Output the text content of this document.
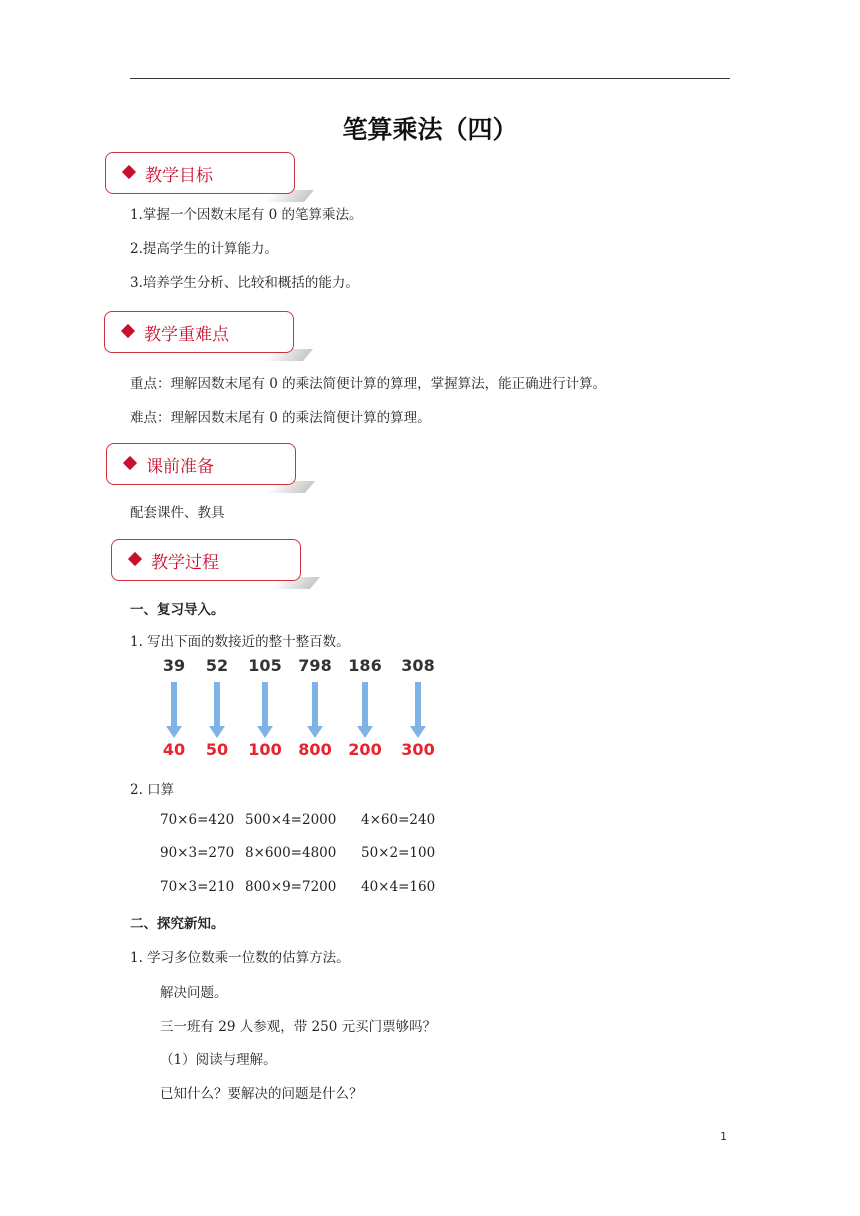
笔算乘法（四）
教学目标
1.掌握一个因数末尾有 0 的笔算乘法。
2.提高学生的计算能力。
3.培养学生分析、比较和概括的能力。
教学重难点
重点：理解因数末尾有 0 的乘法简便计算的算理，掌握算法，能正确进行计算。
难点：理解因数末尾有 0 的乘法简便计算的算理。
课前准备
配套课件、教具
教学过程
一、复习导入。
1. 写出下面的数接近的整十整百数。
39
40
52
50
105
100
798
800
186
200
308
300
2. 口算
70×6=420 500×4=2000 4×60=240
90×3=270 8×600=4800 50×2=100
70×3=210 800×9=7200 40×4=160
二、探究新知。
1. 学习多位数乘一位数的估算方法。
解决问题。
三一班有 29 人参观，带 250 元买门票够吗？
（1）阅读与理解。
已知什么？要解决的问题是什么？
1
